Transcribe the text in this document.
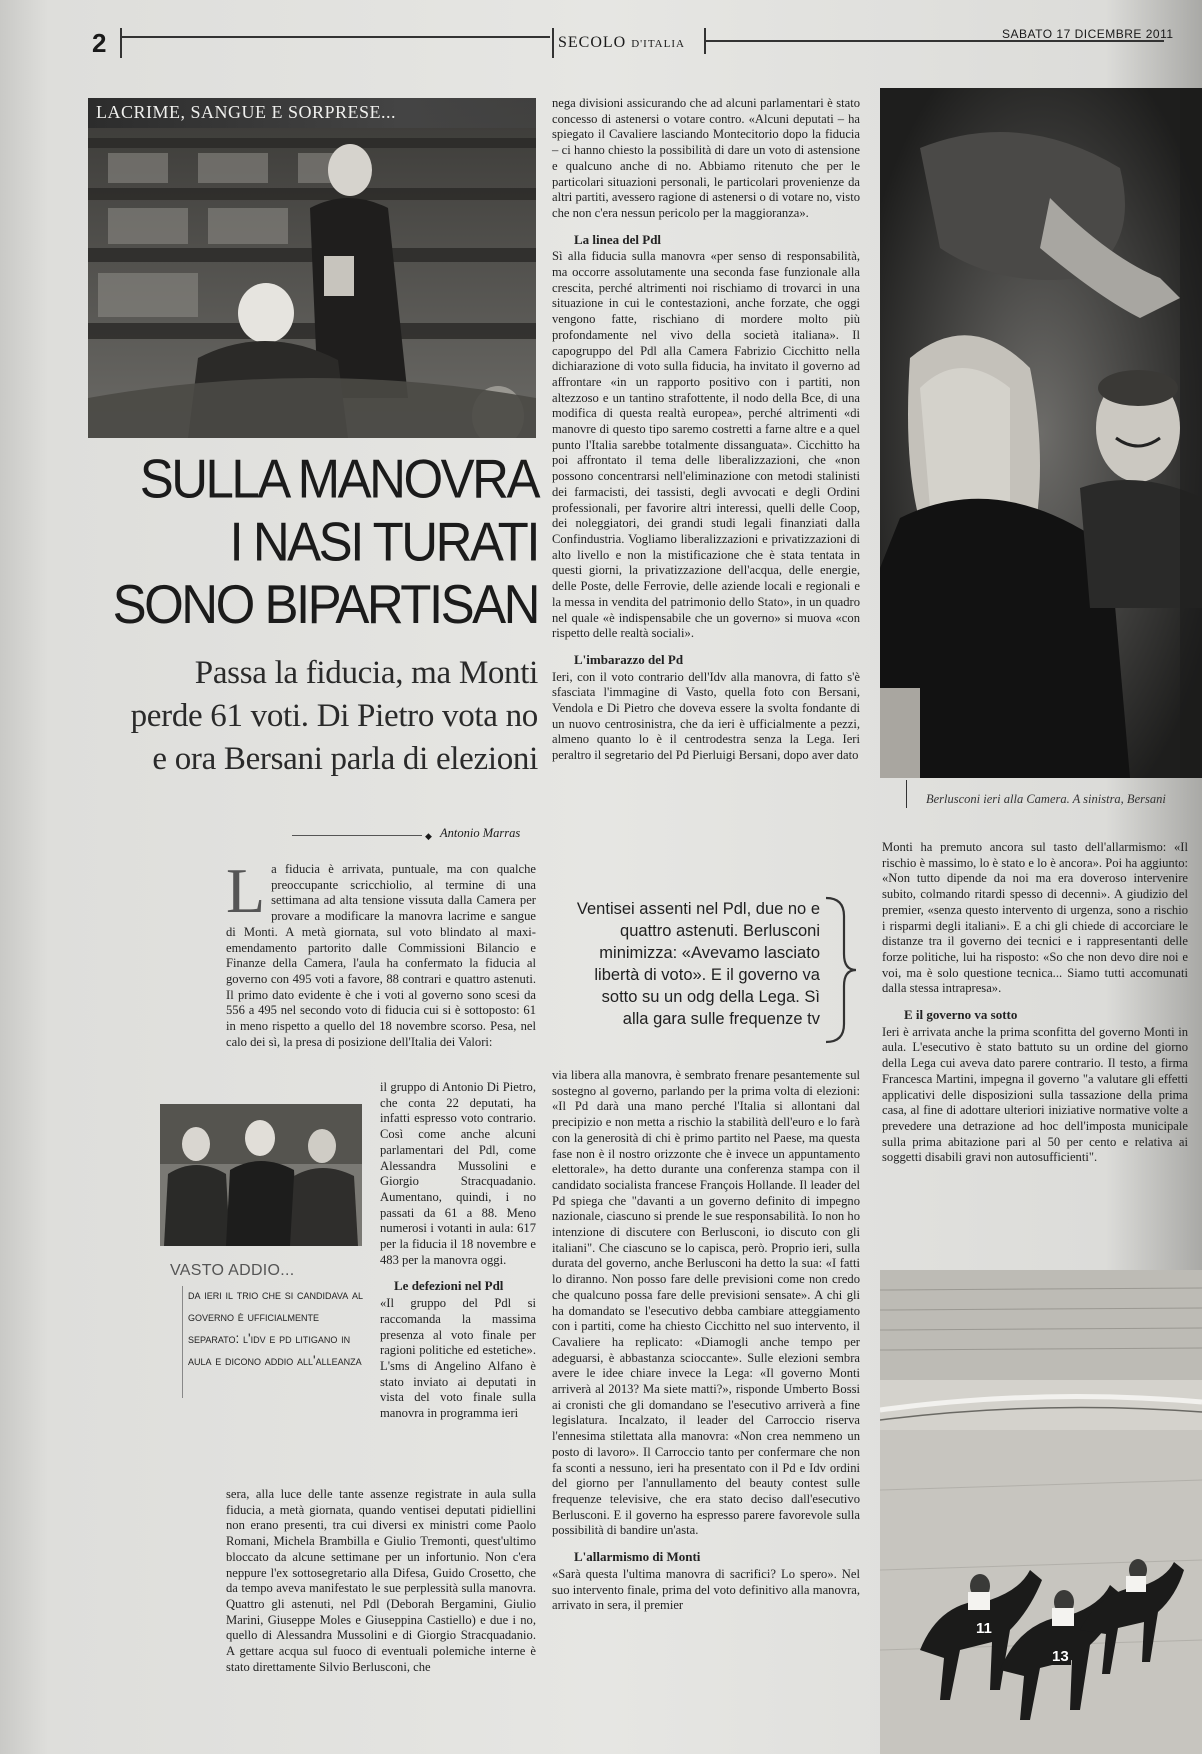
2	SECOLO D'ITALIA
SABATO 17 DICEMBRE 2011
LACRIME, SANGUE E SORPRESE...
SULLA MANOVRA
I NASI TURATI
SONO BIPARTISAN
Passa la fiducia, ma Monti
perde 61 voti. Di Pietro vota no
e ora Bersani parla di elezioni
◆ Antonio Marras
L a fiducia è arrivata, puntuale, ma con qualche preoccupante scricchiolio, al termine di una settimana ad alta tensione vissuta dalla Camera per provare a modificare la manovra lacrime e sangue di Monti. A metà giornata, sul voto blindato al maxi-emendamento partorito dalle Commissioni Bilancio e Finanze della Camera, l'aula ha confermato la fiducia al governo con 495 voti a favore, 88 contrari e quattro astenuti. Il primo dato evidente è che i voti al governo sono scesi da 556 a 495 nel secondo voto di fiducia cui si è sottoposto: 61 in meno rispetto a quello del 18 novembre scorso. Pesa, nel calo dei sì, la presa di posizione dell'Italia dei Valori:

il gruppo di Antonio Di Pietro, che conta 22 deputati, ha infatti espresso voto contrario. Così come anche alcuni parlamentari del Pdl, come Alessandra Mussolini e Giorgio Stracquadanio. Aumentano, quindi, i no passati da 61 a 88. Meno numerosi i votanti in aula: 617 per la fiducia il 18 novembre e 483 per la manovra oggi.

Le defezioni nel Pdl

«Il gruppo del Pdl si raccomanda la massima presenza al voto finale per ragioni politiche ed estetiche». L'sms di Angelino Alfano è stato inviato ai deputati in vista del voto finale sulla manovra in programma ieri

VASTO ADDIO...
da ieri il trio che si candidava al governo è ufficialmente separato: l'idv e pd litigano in aula e dicono addio all'alleanza

sera, alla luce delle tante assenze registrate in aula sulla fiducia, a metà giornata, quando ventisei deputati pidiellini non erano presenti, tra cui diversi ex ministri come Paolo Romani, Michela Brambilla e Giulio Tremonti, quest'ultimo bloccato da alcune settimane per un infortunio. Non c'era neppure l'ex sottosegretario alla Difesa, Guido Crosetto, che da tempo aveva manifestato le sue perplessità sulla manovra. Quattro gli astenuti, nel Pdl (Deborah Bergamini, Giulio Marini, Giuseppe Moles e Giuseppina Castiello) e due i no, quello di Alessandra Mussolini e di Giorgio Stracquadanio. A gettare acqua sul fuoco di eventuali polemiche interne è stato direttamente Silvio Berlusconi, che

nega divisioni assicurando che ad alcuni parlamentari è stato concesso di astenersi o votare contro. «Alcuni deputati – ha spiegato il Cavaliere lasciando Montecitorio dopo la fiducia – ci hanno chiesto la possibilità di dare un voto di astensione e qualcuno anche di no. Abbiamo ritenuto che per le particolari situazioni personali, le particolari provenienze da altri partiti, avessero ragione di astenersi o di votare no, visto che non c'era nessun pericolo per la maggioranza».

La linea del Pdl

Sì alla fiducia sulla manovra «per senso di responsabilità, ma occorre assolutamente una seconda fase funzionale alla crescita, perché altrimenti noi rischiamo di trovarci in una situazione in cui le contestazioni, anche forzate, che oggi vengono fatte, rischiano di mordere molto più profondamente nel vivo della società italiana». Il capogruppo del Pdl alla Camera Fabrizio Cicchitto nella dichiarazione di voto sulla fiducia, ha invitato il governo ad affrontare «in un rapporto positivo con i partiti, non altezzoso e un tantino strafottente, il nodo della Bce, di una modifica di questa realtà europea», perché altrimenti «di manovre di questo tipo saremo costretti a farne altre e a quel punto l'Italia sarebbe totalmente dissanguata». Cicchitto ha poi affrontato il tema delle liberalizzazioni, che «non possono concentrarsi nell'eliminazione con metodi stalinisti dei farmacisti, dei tassisti, degli avvocati e degli Ordini professionali, per favorire altri interessi, quelli delle Coop, dei noleggiatori, dei grandi studi legali finanziati dalla Confindustria. Vogliamo liberalizzazioni e privatizzazioni di alto livello e non la mistificazione che è stata tentata in questi giorni, la privatizzazione dell'acqua, delle energie, delle Poste, delle Ferrovie, delle aziende locali e regionali e la messa in vendita del patrimonio dello Stato», in un quadro nel quale «è indispensabile che un governo» si muova «con rispetto delle realtà sociali».

L'imbarazzo del Pd

Ieri, con il voto contrario dell'Idv alla manovra, di fatto s'è sfasciata l'immagine di Vasto, quella foto con Bersani, Vendola e Di Pietro che doveva essere la svolta fondante di un nuovo centrosinistra, che da ieri è ufficialmente a pezzi, almeno quanto lo è il centrodestra senza la Lega. Ieri peraltro il segretario del Pd Pierluigi Bersani, dopo aver dato

Ventisei assenti nel Pdl, due no e quattro astenuti. Berlusconi minimizza: «Avevamo lasciato libertà di voto». E il governo va sotto su un odg della Lega. Sì alla gara sulle frequenze tv

via libera alla manovra, è sembrato frenare pesantemente sul sostegno al governo, parlando per la prima volta di elezioni: «Il Pd darà una mano perché l'Italia si allontani dal precipizio e non metta a rischio la stabilità dell'euro e lo farà con la generosità di chi è primo partito nel Paese, ma questa fase non è il nostro orizzonte che è invece un appuntamento elettorale», ha detto durante una conferenza stampa con il candidato socialista francese François Hollande. Il leader del Pd spiega che "davanti a un governo definito di impegno nazionale, ciascuno si prende le sue responsabilità. Io non ho intenzione di discutere con Berlusconi, io discuto con gli italiani". Che ciascuno se lo capisca, però. Proprio ieri, sulla durata del governo, anche Berlusconi ha detto la sua: «I fatti lo diranno. Non posso fare delle previsioni come non credo che qualcuno possa fare delle previsioni sensate». A chi gli ha domandato se l'esecutivo debba cambiare atteggiamento con i partiti, come ha chiesto Cicchitto nel suo intervento, il Cavaliere ha replicato: «Diamogli anche tempo per adeguarsi, è abbastanza scioccante». Sulle elezioni sembra avere le idee chiare invece la Lega: «Il governo Monti arriverà al 2013? Ma siete matti?», risponde Umberto Bossi ai cronisti che gli domandano se l'esecutivo arriverà a fine legislatura. Incalzato, il leader del Carroccio riserva l'ennesima stilettata alla manovra: «Non crea nemmeno un posto di lavoro». Il Carroccio tanto per confermare che non fa sconti a nessuno, ieri ha presentato con il Pd e Idv ordini del giorno per l'annullamento del beauty contest sulle frequenze televisive, che era stato deciso dall'esecutivo Berlusconi. E il governo ha espresso parere favorevole sulla possibilità di bandire un'asta.

L'allarmismo di Monti

«Sarà questa l'ultima manovra di sacrifici? Lo spero». Nel suo intervento finale, prima del voto definitivo alla manovra, arrivato in sera, il premier

Berlusconi ieri alla Camera. A sinistra, Bersani

Monti ha premuto ancora sul tasto dell'allarmismo: «Il rischio è massimo, lo è stato e lo è ancora». Poi ha aggiunto: «Non tutto dipende da noi ma era doveroso intervenire subito, colmando ritardi spesso di decenni». A giudizio del premier, «senza questo intervento di urgenza, sono a rischio i risparmi degli italiani». E a chi gli chiede di accorciare le distanze tra il governo dei tecnici e i rappresentanti delle forze politiche, lui ha risposto: «So che non devo dire noi e voi, ma è solo questione tecnica... Siamo tutti accomunati dalla stessa intrapresa».

E il governo va sotto

Ieri è arrivata anche la prima sconfitta del governo Monti in aula. L'esecutivo è stato battuto su un ordine del giorno della Lega cui aveva dato parere contrario. Il testo, a firma Francesca Martini, impegna il governo "a valutare gli effetti applicativi delle disposizioni sulla tassazione della prima casa, al fine di adottare ulteriori iniziative normative volte a prevedere una detrazione ad hoc dell'imposta municipale sulla prima abitazione pari al 50 per cento e relativa ai soggetti disabili gravi non autosufficienti".

11
13
